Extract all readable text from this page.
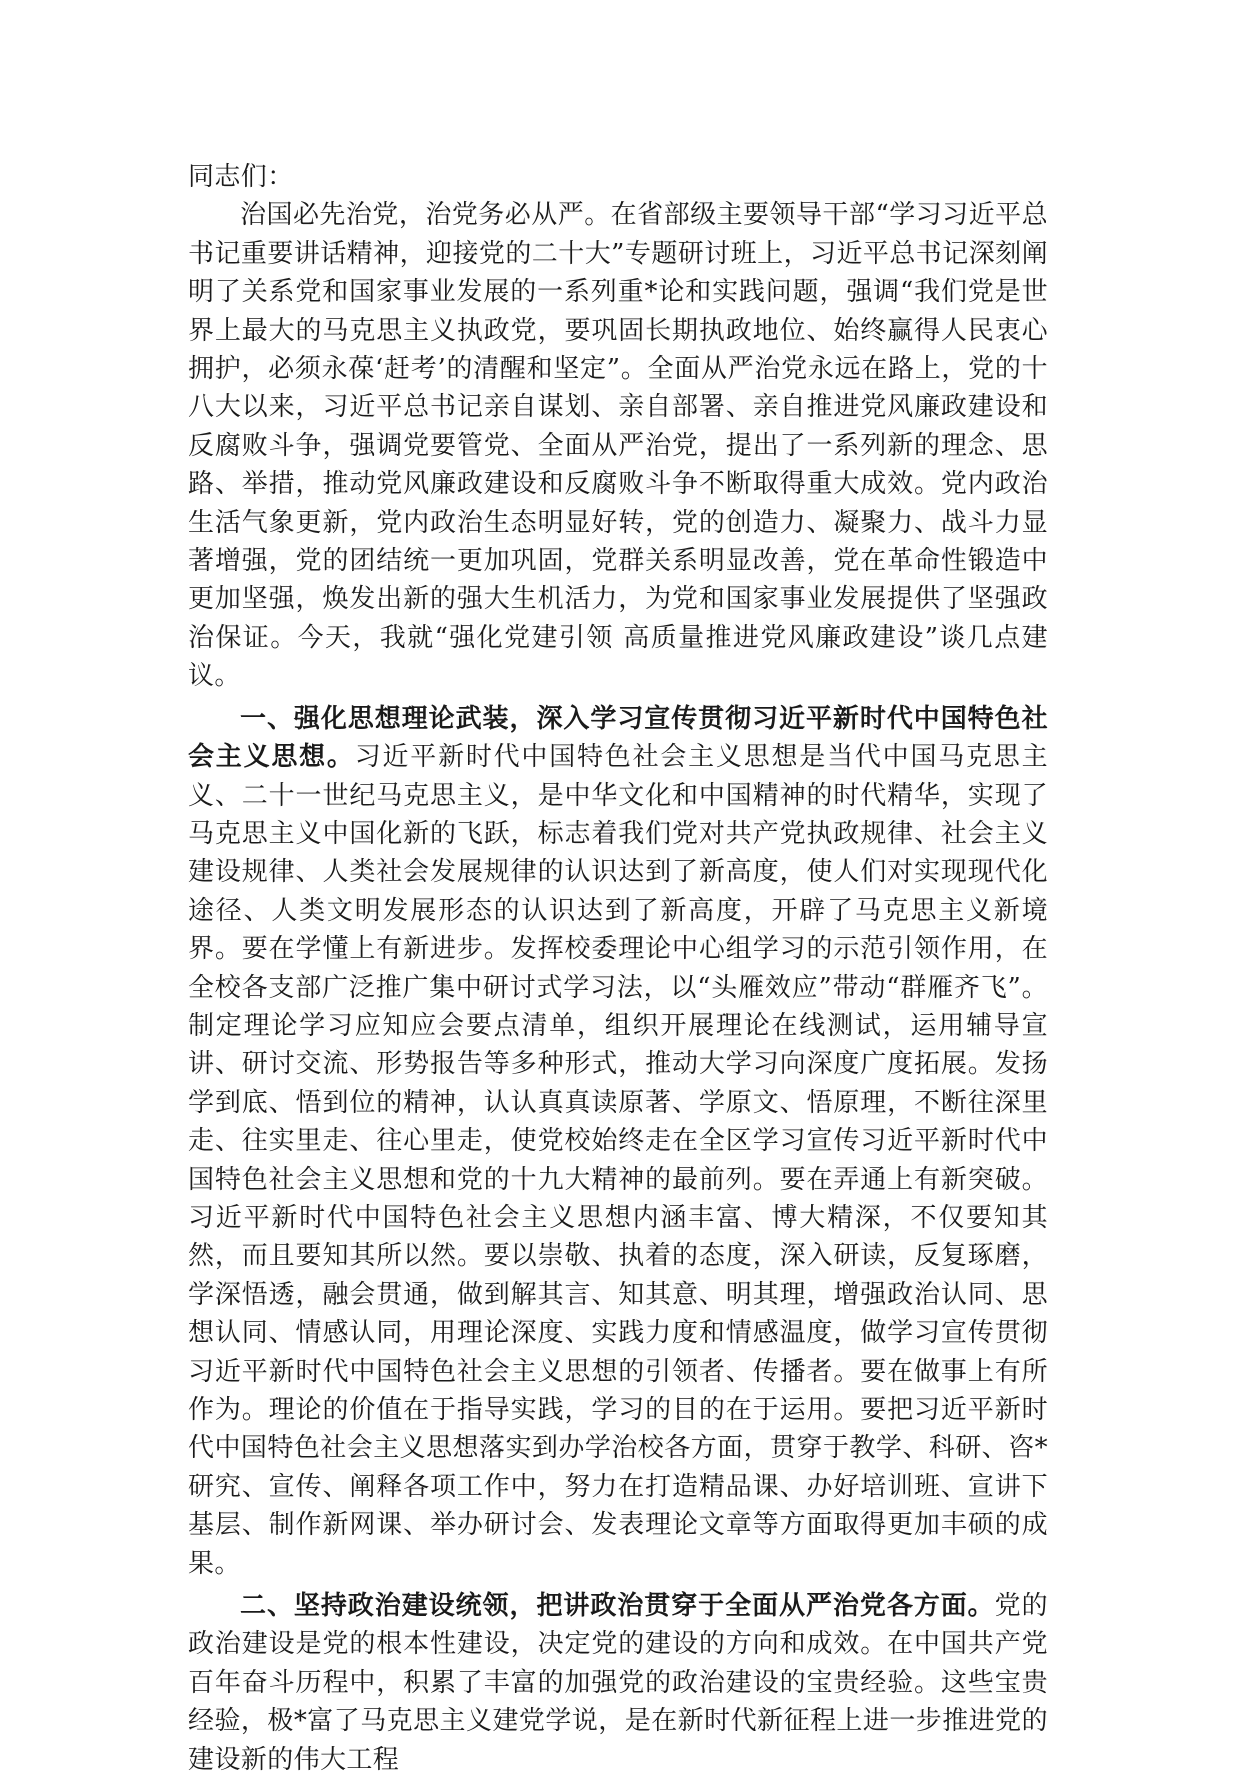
同志们：

治国必先治党，治党务必从严。在省部级主要领导干部“学习习近平总书记重要讲话精神，迎接党的二十大”专题研讨班上，习近平总书记深刻阐明了关系党和国家事业发展的一系列重*论和实践问题，强调“我们党是世界上最大的马克思主义执政党，要巩固长期执政地位、始终赢得人民衷心拥护，必须永葆‘赶考’的清醒和坚定”。全面从严治党永远在路上，党的十八大以来，习近平总书记亲自谋划、亲自部署、亲自推进党风廉政建设和反腐败斗争，强调党要管党、全面从严治党，提出了一系列新的理念、思路、举措，推动党风廉政建设和反腐败斗争不断取得重大成效。党内政治生活气象更新，党内政治生态明显好转，党的创造力、凝聚力、战斗力显著增强，党的团结统一更加巩固，党群关系明显改善，党在革命性锻造中更加坚强，焕发出新的强大生机活力，为党和国家事业发展提供了坚强政治保证。今天，我就“强化党建引领 高质量推进党风廉政建设”谈几点建议。

一、强化思想理论武装，深入学习宣传贯彻习近平新时代中国特色社会主义思想。习近平新时代中国特色社会主义思想是当代中国马克思主义、二十一世纪马克思主义，是中华文化和中国精神的时代精华，实现了马克思主义中国化新的飞跃，标志着我们党对共产党执政规律、社会主义建设规律、人类社会发展规律的认识达到了新高度，使人们对实现现代化途径、人类文明发展形态的认识达到了新高度，开辟了马克思主义新境界。要在学懂上有新进步。发挥校委理论中心组学习的示范引领作用，在全校各支部广泛推广集中研讨式学习法，以“头雁效应”带动“群雁齐飞”。制定理论学习应知应会要点清单，组织开展理论在线测试，运用辅导宣讲、研讨交流、形势报告等多种形式，推动大学习向深度广度拓展。发扬学到底、悟到位的精神，认认真真读原著、学原文、悟原理，不断往深里走、往实里走、往心里走，使党校始终走在全区学习宣传习近平新时代中国特色社会主义思想和党的十九大精神的最前列。要在弄通上有新突破。习近平新时代中国特色社会主义思想内涵丰富、博大精深，不仅要知其然，而且要知其所以然。要以崇敬、执着的态度，深入研读，反复琢磨，学深悟透，融会贯通，做到解其言、知其意、明其理，增强政治认同、思想认同、情感认同，用理论深度、实践力度和情感温度，做学习宣传贯彻习近平新时代中国特色社会主义思想的引领者、传播者。要在做事上有所作为。理论的价值在于指导实践，学习的目的在于运用。要把习近平新时代中国特色社会主义思想落实到办学治校各方面，贯穿于教学、科研、咨*研究、宣传、阐释各项工作中，努力在打造精品课、办好培训班、宣讲下基层、制作新网课、举办研讨会、发表理论文章等方面取得更加丰硕的成果。

二、坚持政治建设统领，把讲政治贯穿于全面从严治党各方面。党的政治建设是党的根本性建设，决定党的建设的方向和成效。在中国共产党百年奋斗历程中，积累了丰富的加强党的政治建设的宝贵经验。这些宝贵经验，极*富了马克思主义建党学说，是在新时代新征程上进一步推进党的建设新的伟大工程
